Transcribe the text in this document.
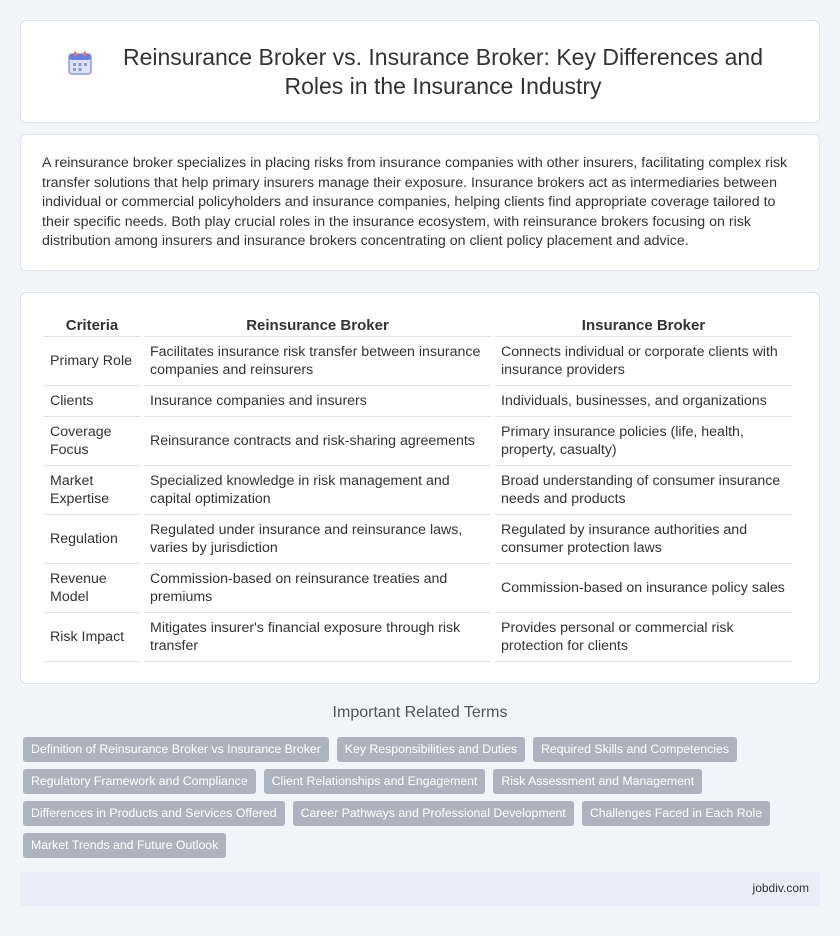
Reinsurance Broker vs. Insurance Broker: Key Differences and Roles in the Insurance Industry

A reinsurance broker specializes in placing risks from insurance companies with other insurers, facilitating complex risk transfer solutions that help primary insurers manage their exposure. Insurance brokers act as intermediaries between individual or commercial policyholders and insurance companies, helping clients find appropriate coverage tailored to their specific needs. Both play crucial roles in the insurance ecosystem, with reinsurance brokers focusing on risk distribution among insurers and insurance brokers concentrating on client policy placement and advice.

Criteria	Reinsurance Broker	Insurance Broker
Primary Role	Facilitates insurance risk transfer between insurance companies and reinsurers	Connects individual or corporate clients with insurance providers
Clients	Insurance companies and insurers	Individuals, businesses, and organizations
Coverage Focus	Reinsurance contracts and risk-sharing agreements	Primary insurance policies (life, health, property, casualty)
Market Expertise	Specialized knowledge in risk management and capital optimization	Broad understanding of consumer insurance needs and products
Regulation	Regulated under insurance and reinsurance laws, varies by jurisdiction	Regulated by insurance authorities and consumer protection laws
Revenue Model	Commission-based on reinsurance treaties and premiums	Commission-based on insurance policy sales
Risk Impact	Mitigates insurer's financial exposure through risk transfer	Provides personal or commercial risk protection for clients
Important Related Terms
Definition of Reinsurance Broker vs Insurance Broker	Key Responsibilities and Duties	Required Skills and Competencies
Regulatory Framework and Compliance	Client Relationships and Engagement	Risk Assessment and Management
Differences in Products and Services Offered	Career Pathways and Professional Development	Challenges Faced in Each Role
Market Trends and Future Outlook
jobdiv.com
